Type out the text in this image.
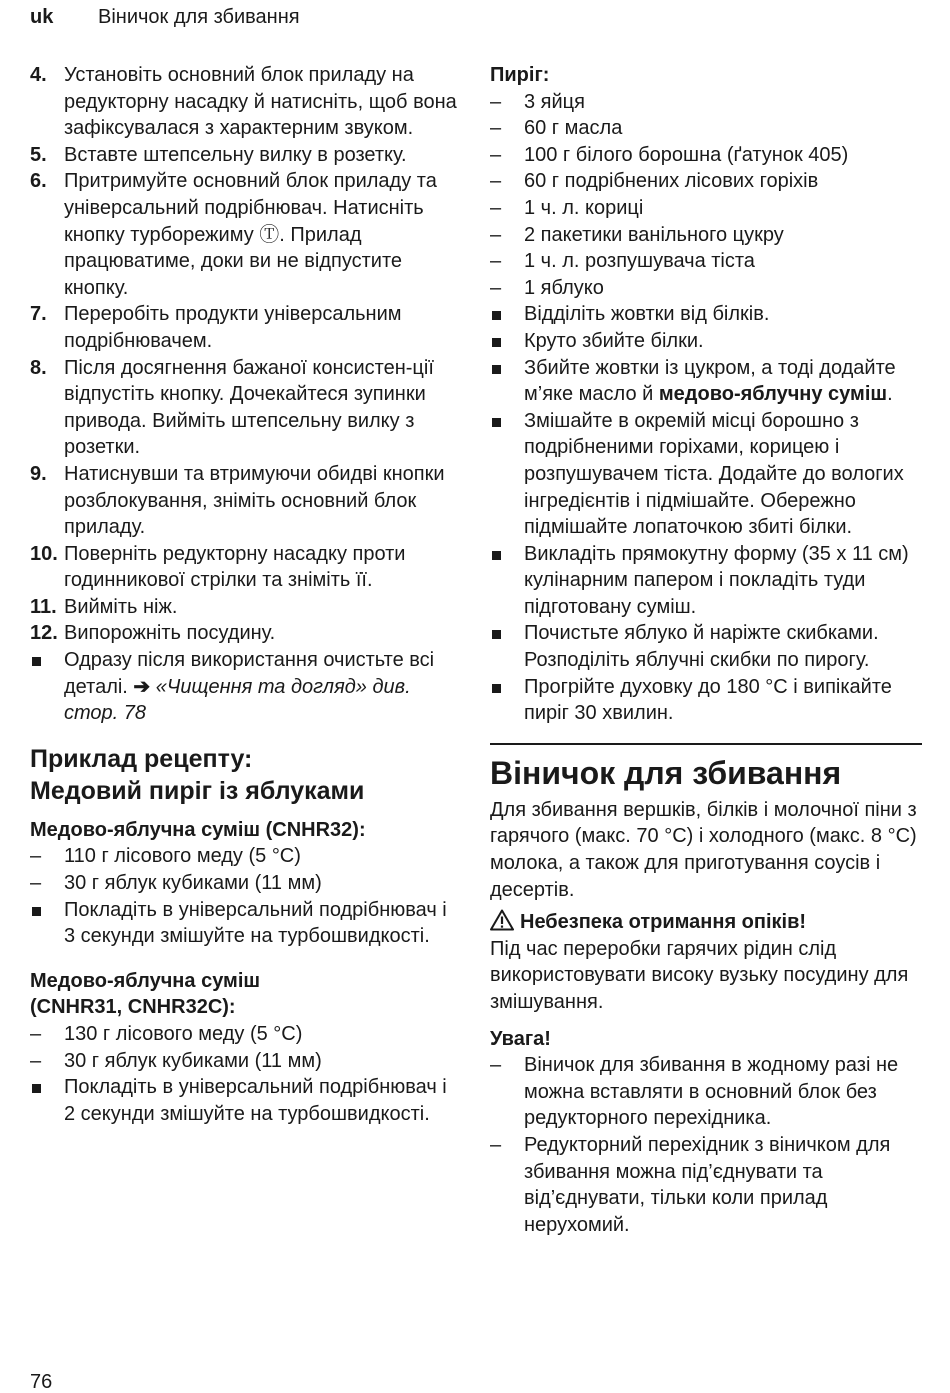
uk Віничок для збивання
4. Установіть основний блок приладу на редукторну насадку й натисніть, щоб вона зафіксувалася з характерним звуком.
5. Вставте штепсельну вилку в розетку.
6. Притримуйте основний блок приладу та універсальний подрібнювач. Натисніть кнопку турборежиму Ⓣ. Прилад працюватиме, доки ви не відпустите кнопку.
7. Переробіть продукти універсальним подрібнювачем.
8. Після досягнення бажаної консистен-ції відпустіть кнопку. Дочекайтеся зупинки привода. Вийміть штепсельну вилку з розетки.
9. Натиснувши та втримуючи обидві кнопки розблокування, зніміть основний блок приладу.
10. Поверніть редукторну насадку проти годинникової стрілки та зніміть її.
11. Вийміть ніж.
12. Випорожніть посудину.
Одразу після використання очистьте всі деталі. ➔ «Чищення та догляд» див. стор. 78
Приклад рецепту:
Медовий пиріг із яблуками
Медово-яблучна суміш (CNHR32):
–	110 г лісового меду (5 °C)
–	30 г яблук кубиками (11 мм)
Покладіть в універсальний подрібнювач і 3 секунди змішуйте на турбошвидкості.
Медово-яблучна суміш
(CNHR31, CNHR32C):
–	130 г лісового меду (5 °C)
–	30 г яблук кубиками (11 мм)
Покладіть в універсальний подрібнювач і 2 секунди змішуйте на турбошвидкості.
Пиріг:
–	3 яйця
–	60 г масла
–	100 г білого борошна (ґатунок 405)
–	60 г подрібнених лісових горіхів
–	1 ч. л. кориці
–	2 пакетики ванільного цукру
–	1 ч. л. розпушувача тіста
–	1 яблуко
Відділіть жовтки від білків.
Круто збийте білки.
Збийте жовтки із цукром, а тоді додайте м’яке масло й медово-яблучну суміш.
Змішайте в окремій місці борошно з подрібненими горіхами, корицею і розпушувачем тіста. Додайте до вологих інгредієнтів і підмішайте. Обережно підмішайте лопаточкою збиті білки.
Викладіть прямокутну форму (35 x 11 см) кулінарним папером і покладіть туди підготовану суміш.
Почистьте яблуко й наріжте скибками. Розподіліть яблучні скибки по пирогу.
Прогрійте духовку до 180 °C і випікайте пиріг 30 хвилин.
Віничок для збивання
Для збивання вершків, білків і молочної піни з гарячого (макс. 70 °C) і холодного (макс. 8 °C) молока, а також для приготування соусів і десертів.
Небезпека отримання опіків!
Під час переробки гарячих рідин слід використовувати високу вузьку посудину для змішування.
Увага!
–	Віничок для збивання в жодному разі не можна вставляти в основний блок без редукторного перехідника.
–	Редукторний перехідник з віничком для збивання можна під’єднувати та від’єднувати, тільки коли прилад нерухомий.
76
